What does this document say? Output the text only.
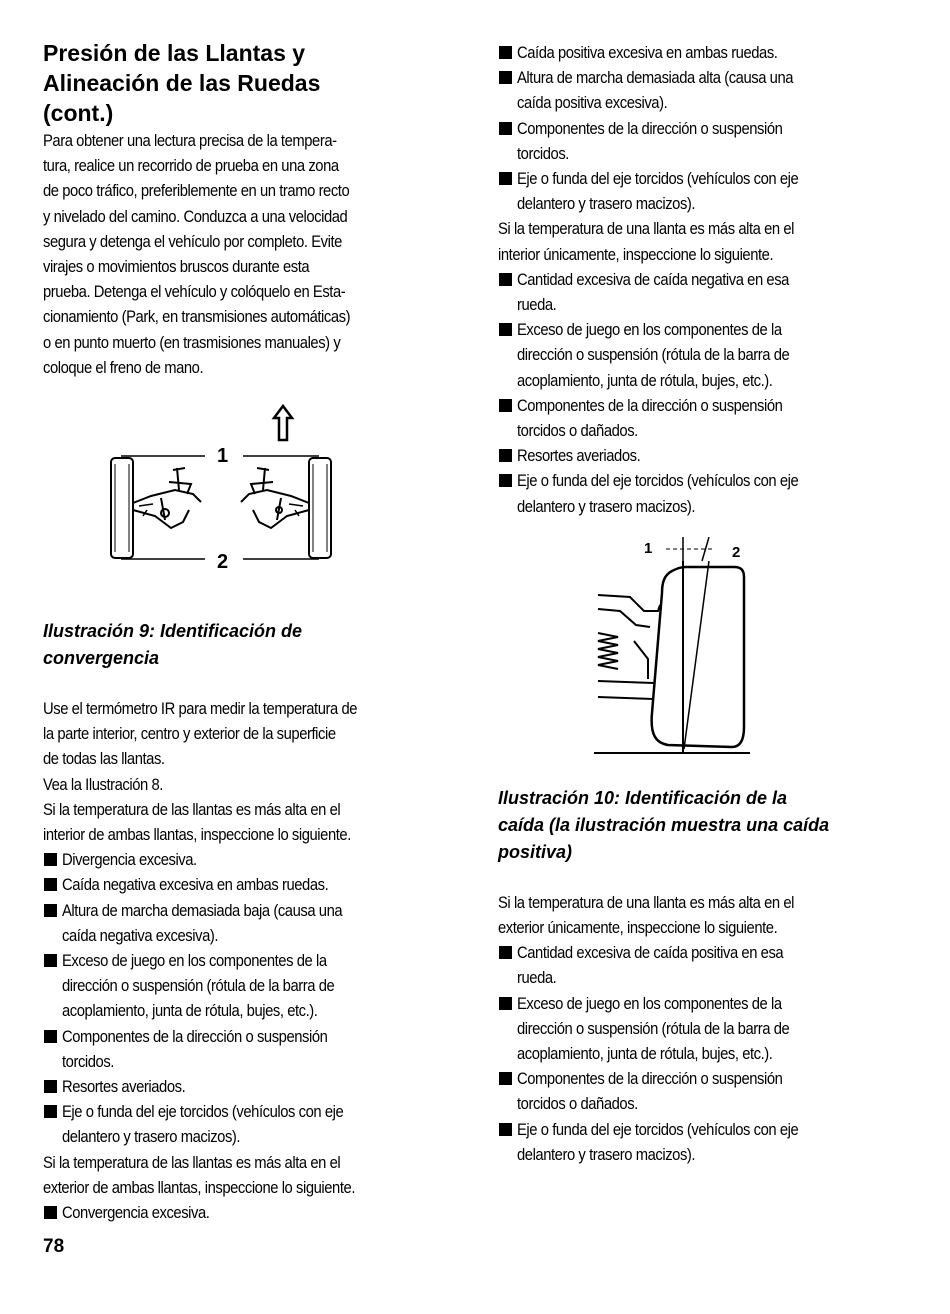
Presión de las Llantas y
Alineación de las Ruedas
(cont.)
Para obtener una lectura precisa de la tempera-
tura, realice un recorrido de prueba en una zona
de poco tráfico, preferiblemente en un tramo recto
y nivelado del camino. Conduzca a una velocidad
segura y detenga el vehículo por completo. Evite
virajes o movimientos bruscos durante esta
prueba. Detenga el vehículo y colóquelo en Esta-
cionamiento (Park, en transmisiones automáticas)
o en punto muerto (en trasmisiones manuales) y
coloque el freno de mano.
1
2

Ilustración 9: Identificación de
convergencia

Use el termómetro IR para medir la temperatura de
la parte interior, centro y exterior de la superficie
de todas las llantas.
Vea la Ilustración 8.
Si la temperatura de las llantas es más alta en el
interior de ambas llantas, inspeccione lo siguiente.
Divergencia excesiva.
Caída negativa excesiva en ambas ruedas.
Altura de marcha demasiada baja (causa una
caída negativa excesiva).
Exceso de juego en los componentes de la
dirección o suspensión (rótula de la barra de
acoplamiento, junta de rótula, bujes, etc.).
Componentes de la dirección o suspensión
torcidos.
Resortes averiados.
Eje o funda del eje torcidos (vehículos con eje
delantero y trasero macizos).
Si la temperatura de las llantas es más alta en el
exterior de ambas llantas, inspeccione lo siguiente.
Convergencia excesiva.
Caída positiva excesiva en ambas ruedas.
Altura de marcha demasiada alta (causa una
caída positiva excesiva).
Componentes de la dirección o suspensión
torcidos.
Eje o funda del eje torcidos (vehículos con eje
delantero y trasero macizos).
Si la temperatura de una llanta es más alta en el
interior únicamente, inspeccione lo siguiente.
Cantidad excesiva de caída negativa en esa
rueda.
Exceso de juego en los componentes de la
dirección o suspensión (rótula de la barra de
acoplamiento, junta de rótula, bujes, etc.).
Componentes de la dirección o suspensión
torcidos o dañados.
Resortes averiados.
Eje o funda del eje torcidos (vehículos con eje
delantero y trasero macizos).
1	2

Ilustración 10: Identificación de la
caída (la ilustración muestra una caída
positiva)

Si la temperatura de una llanta es más alta en el
exterior únicamente, inspeccione lo siguiente.
Cantidad excesiva de caída positiva en esa
rueda.
Exceso de juego en los componentes de la
dirección o suspensión (rótula de la barra de
acoplamiento, junta de rótula, bujes, etc.).
Componentes de la dirección o suspensión
torcidos o dañados.
Eje o funda del eje torcidos (vehículos con eje
delantero y trasero macizos).
78
